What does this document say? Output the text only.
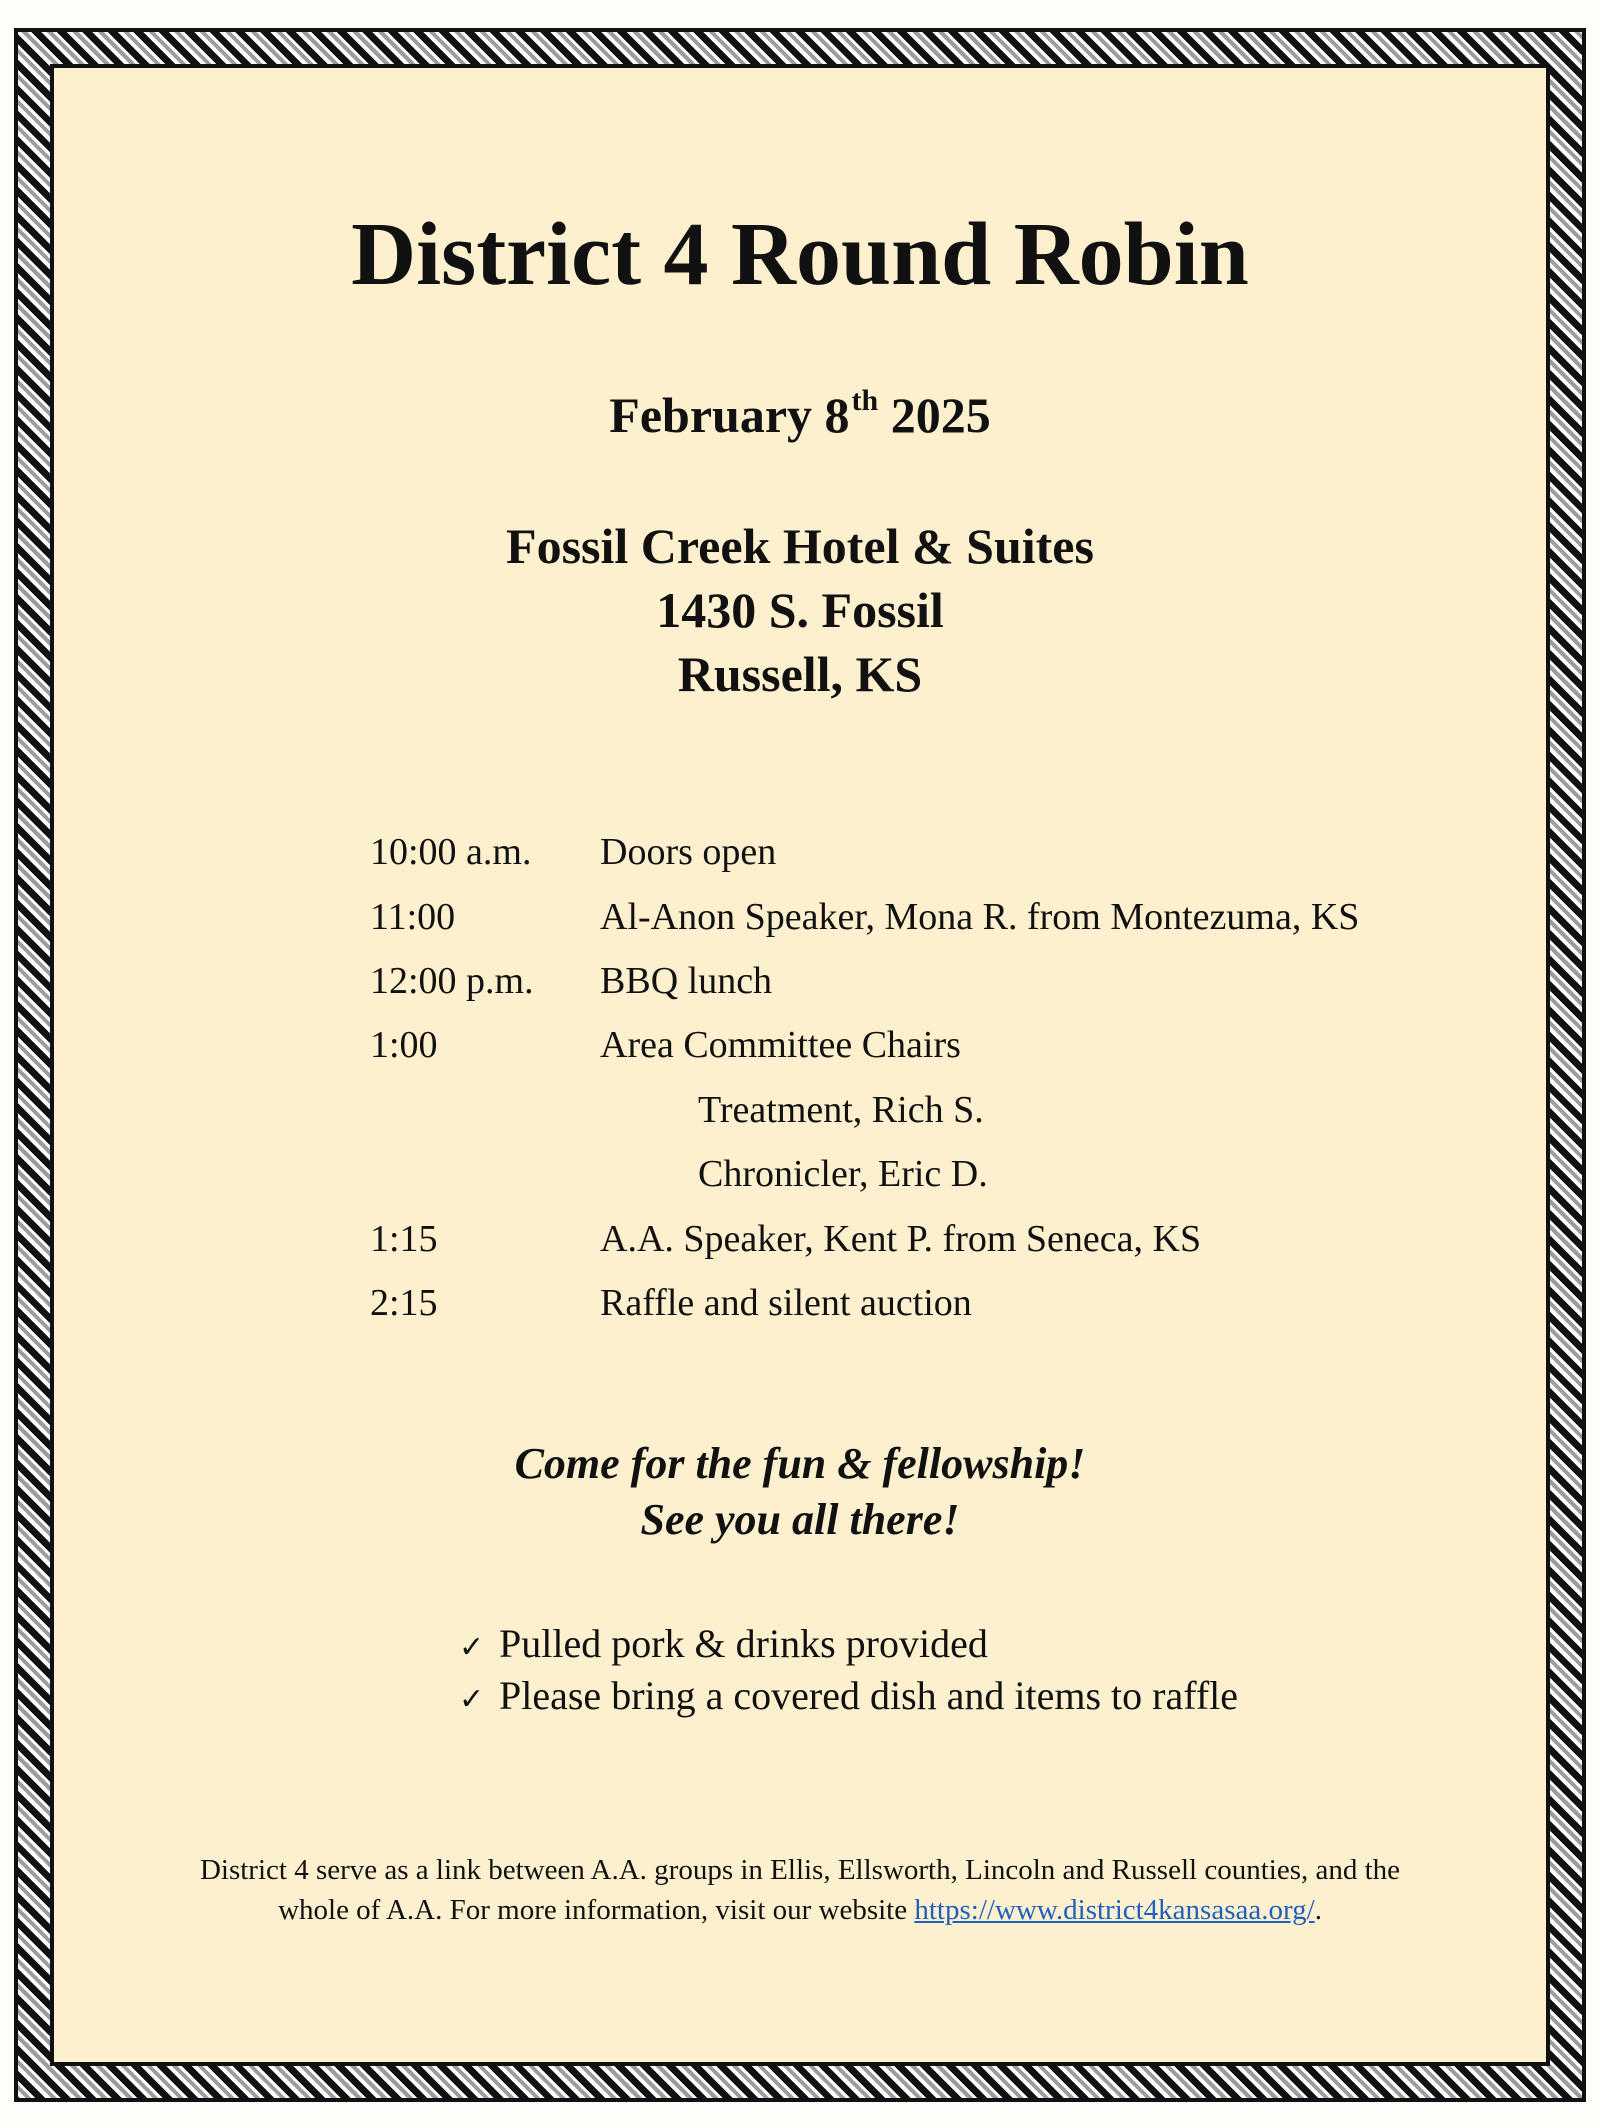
District 4 Round Robin
February 8th 2025
Fossil Creek Hotel & Suites
1430 S. Fossil
Russell, KS
10:00 a.m.	Doors open
11:00	Al-Anon Speaker, Mona R. from Montezuma, KS
12:00 p.m.	BBQ lunch
1:00	Area Committee Chairs
Treatment, Rich S.
Chronicler, Eric D.
1:15	A.A. Speaker, Kent P. from Seneca, KS
2:15	Raffle and silent auction
Come for the fun & fellowship!
See you all there!
✓ Pulled pork & drinks provided
✓ Please bring a covered dish and items to raffle
District 4 serve as a link between A.A. groups in Ellis, Ellsworth, Lincoln and Russell counties, and the
whole of A.A. For more information, visit our website https://www.district4kansasaa.org/.
